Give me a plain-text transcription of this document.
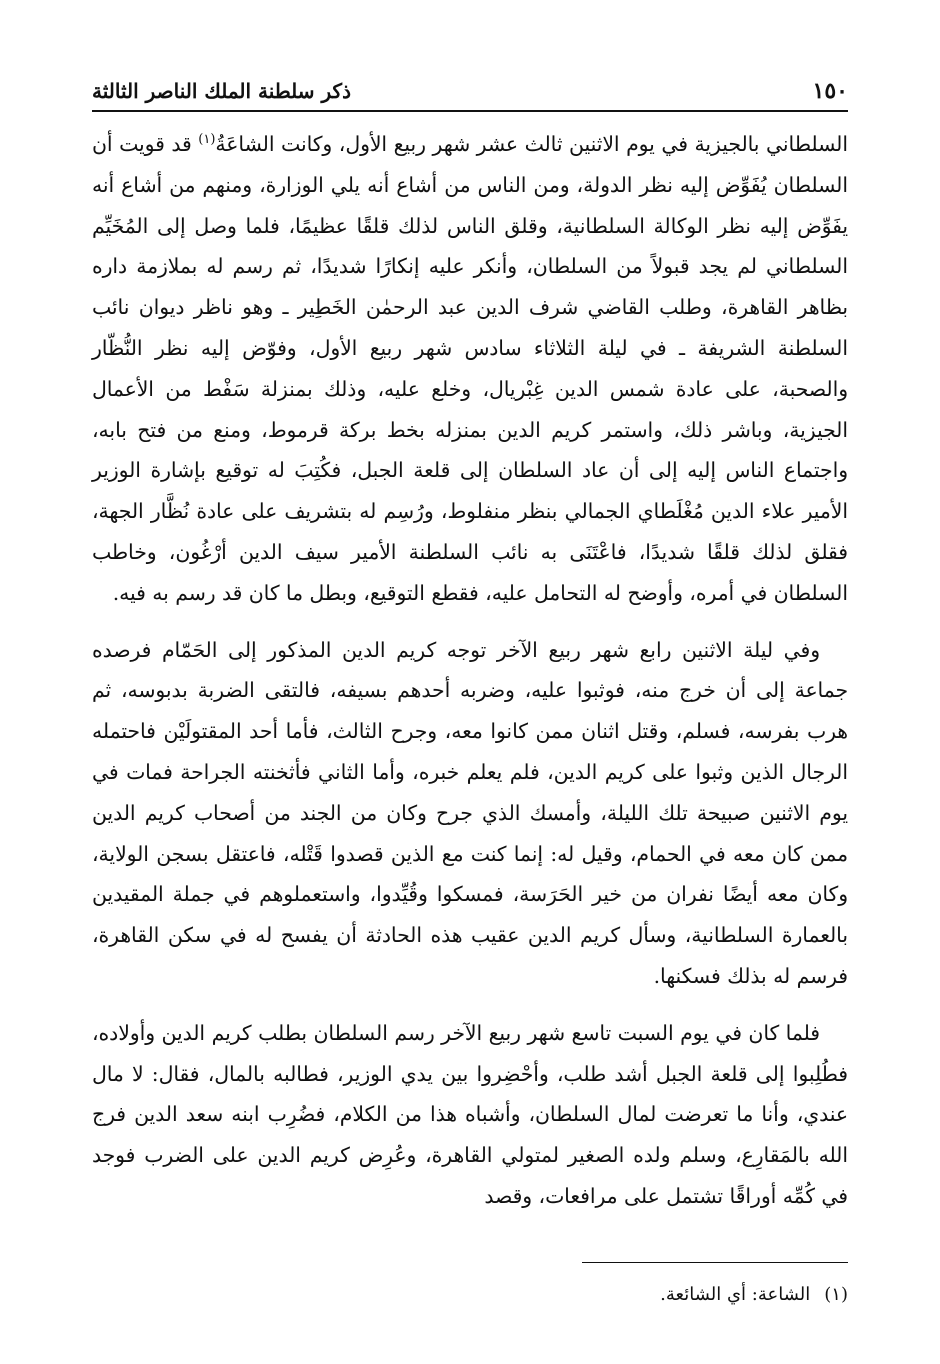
١٥٠
ذكر سلطنة الملك الناصر الثالثة

السلطاني بالجيزية في يوم الاثنين ثالث عشر شهر ربيع الأول، وكانت الشاعَةُ$^{(١)}$ قد قويت أن السلطان يُفَوِّض إليه نظر الدولة، ومن الناس من أشاع أنه يلي الوزارة، ومنهم من أشاع أنه يفَوِّض إليه نظر الوكالة السلطانية، وقلق الناس لذلك قلقًا عظيمًا، فلما وصل إلى المُخَيِّم السلطاني لم يجد قبولاً من السلطان، وأنكر عليه إنكارًا شديدًا، ثم رسم له بملازمة داره بظاهر القاهرة، وطلب القاضي شرف الدين عبد الرحمٰن الخَطِير ـ وهو ناظر ديوان نائب السلطنة الشريفة ـ في ليلة الثلاثاء سادس شهر ربيع الأول، وفوّض إليه نظر النُّظّار والصحبة، على عادة شمس الدين غِبْريال، وخلع عليه، وذلك بمنزلة سَفْط من الأعمال الجيزية، وباشر ذلك، واستمر كريم الدين بمنزله بخط بركة قرموط، ومنع من فتح بابه، واجتماع الناس إليه إلى أن عاد السلطان إلى قلعة الجبل، فكُتِبَ له توقيع بإشارة الوزير الأمير علاء الدين مُغْلَطاي الجمالي بنظر منفلوط، ورُسِم له بتشريف على عادة نُظَّار الجهة، فقلق لذلك قلقًا شديدًا، فاعْتَنَى به نائب السلطنة الأمير سيف الدين أرْغُون، وخاطب السلطان في أمره، وأوضح له التحامل عليه، فقطع التوقيع، وبطل ما كان قد رسم به فيه.

وفي ليلة الاثنين رابع شهر ربيع الآخر توجه كريم الدين المذكور إلى الحَمّام فرصده جماعة إلى أن خرج منه، فوثبوا عليه، وضربه أحدهم بسيفه، فالتقى الضربة بدبوسه، ثم هرب بفرسه، فسلم، وقتل اثنان ممن كانوا معه، وجرح الثالث، فأما أحد المقتولَيْن فاحتمله الرجال الذين وثبوا على كريم الدين، فلم يعلم خبره، وأما الثاني فأثخنته الجراحة فمات في يوم الاثنين صبيحة تلك الليلة، وأمسك الذي جرح وكان من الجند من أصحاب كريم الدين ممن كان معه في الحمام، وقيل له: إنما كنت مع الذين قصدوا قَتْله، فاعتقل بسجن الولاية، وكان معه أيضًا نفران من خير الحَرَسة، فمسكوا وقُيِّدوا، واستعملوهم في جملة المقيدين بالعمارة السلطانية، وسأل كريم الدين عقيب هذه الحادثة أن يفسح له في سكن القاهرة، فرسم له بذلك فسكنها.

فلما كان في يوم السبت تاسع شهر ربيع الآخر رسم السلطان بطلب كريم الدين وأولاده، فطُلِبوا إلى قلعة الجبل أشد طلب، وأحْضِروا بين يدي الوزير، فطالبه بالمال، فقال: لا مال عندي، وأنا ما تعرضت لمال السلطان، وأشباه هذا من الكلام، فضُرِب ابنه سعد الدين فرج الله بالمَقارِع، وسلم ولده الصغير لمتولي القاهرة، وعُرِض كريم الدين على الضرب فوجد في كُمِّه أوراقًا تشتمل على مرافعات، وقصد

(١)الشاعة: أي الشائعة.
